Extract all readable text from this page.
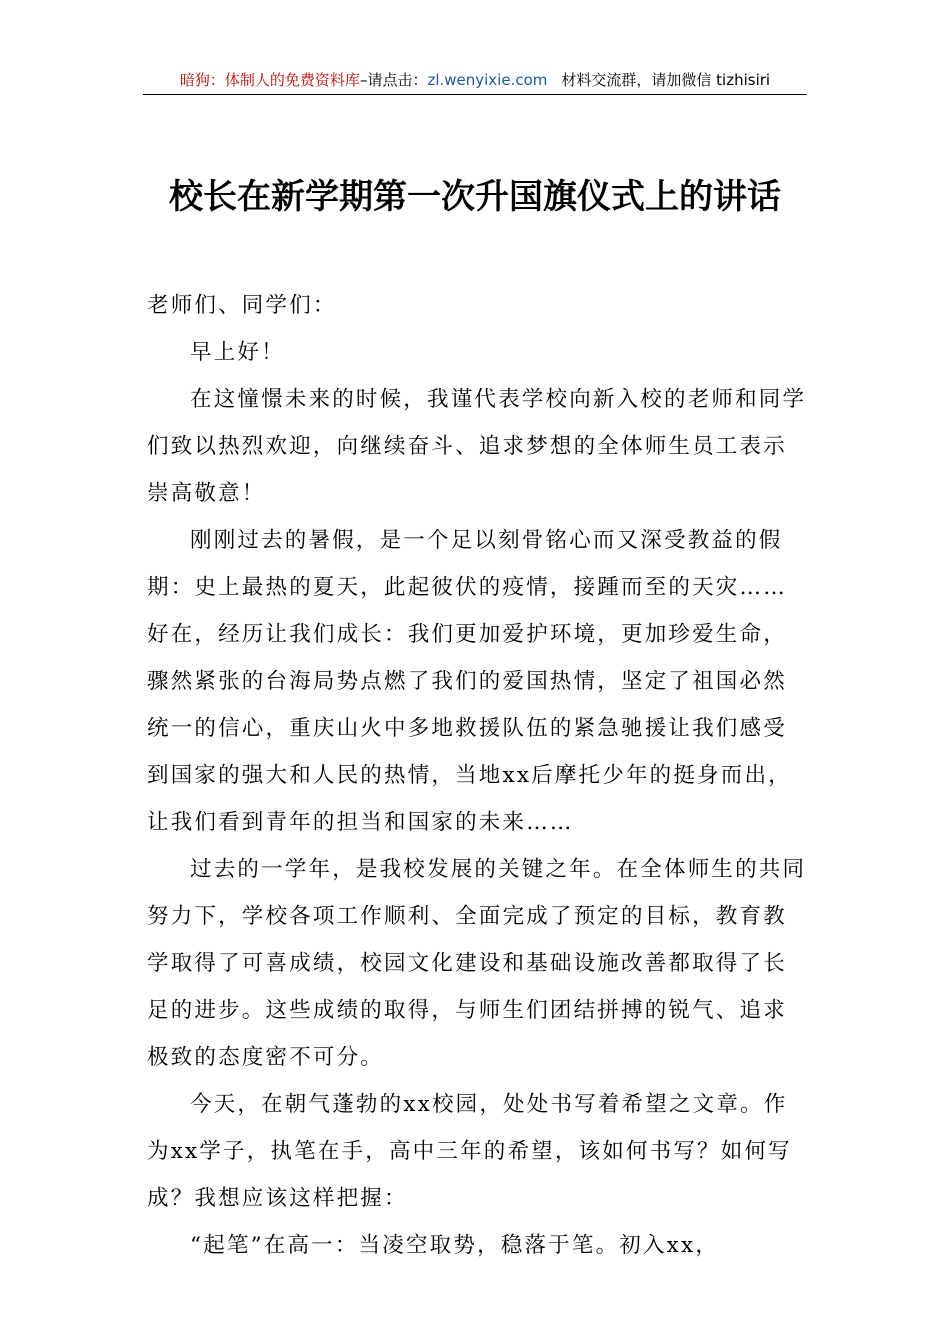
暗狗：体制人的免费资料库–请点击：zl.wenyixie.com 材料交流群，请加微信 tizhisiri
校长在新学期第一次升国旗仪式上的讲话

老师们、同学们：

早上好！

在这憧憬未来的时候，我谨代表学校向新入校的老师和同学们致以热烈欢迎，向继续奋斗、追求梦想的全体师生员工表示崇高敬意！

刚刚过去的暑假，是一个足以刻骨铭心而又深受教益的假期：史上最热的夏天，此起彼伏的疫情，接踵而至的天灾……好在，经历让我们成长：我们更加爱护环境，更加珍爱生命，骤然紧张的台海局势点燃了我们的爱国热情，坚定了祖国必然统一的信心，重庆山火中多地救援队伍的紧急驰援让我们感受到国家的强大和人民的热情，当地xx后摩托少年的挺身而出，让我们看到青年的担当和国家的未来……

过去的一学年，是我校发展的关键之年。在全体师生的共同努力下，学校各项工作顺利、全面完成了预定的目标，教育教学取得了可喜成绩，校园文化建设和基础设施改善都取得了长足的进步。这些成绩的取得，与师生们团结拼搏的锐气、追求极致的态度密不可分。

今天，在朝气蓬勃的xx校园，处处书写着希望之文章。作为xx学子，执笔在手，高中三年的希望，该如何书写？如何写成？我想应该这样把握：

“起笔”在高一：当凌空取势，稳落于笔。初入xx，
